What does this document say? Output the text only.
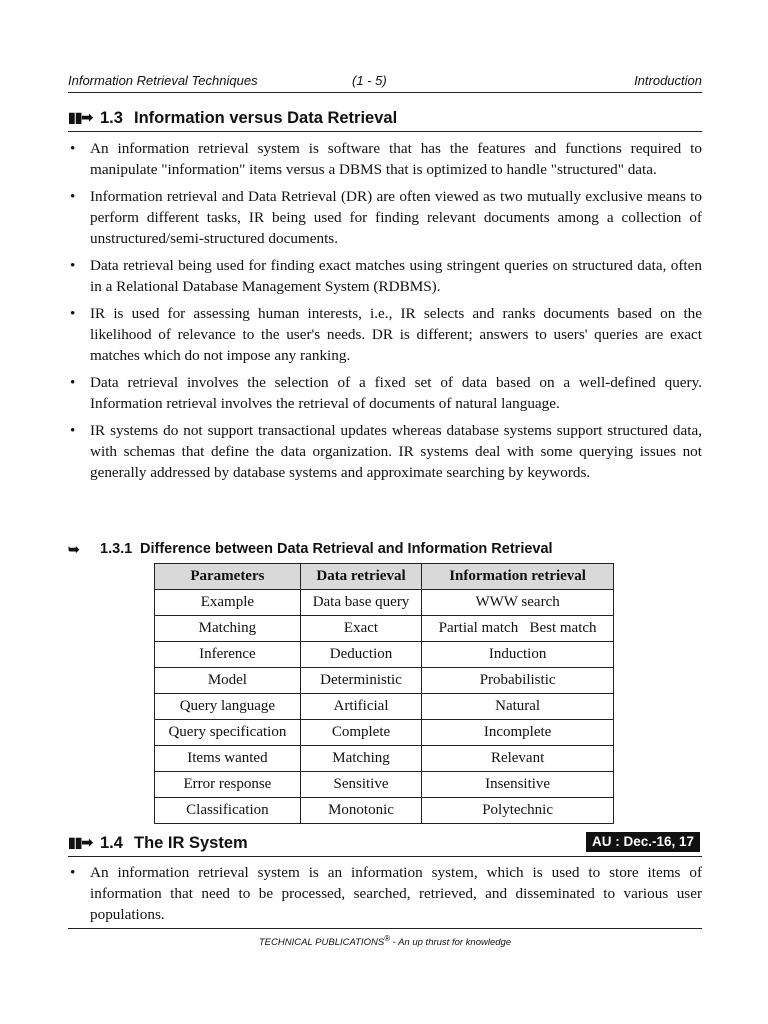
Information Retrieval Techniques	(1 - 5)	Introduction
▮▮➡ 1.3 Information versus Data Retrieval
• An information retrieval system is software that has the features and functions required to manipulate "information" items versus a DBMS that is optimized to handle "structured" data.
• Information retrieval and Data Retrieval (DR) are often viewed as two mutually exclusive means to perform different tasks, IR being used for finding relevant documents among a collection of unstructured/semi-structured documents.
• Data retrieval being used for finding exact matches using stringent queries on structured data, often in a Relational Database Management System (RDBMS).
• IR is used for assessing human interests, i.e., IR selects and ranks documents based on the likelihood of relevance to the user's needs. DR is different; answers to users' queries are exact matches which do not impose any ranking.
• Data retrieval involves the selection of a fixed set of data based on a well-defined query. Information retrieval involves the retrieval of documents of natural language.
• IR systems do not support transactional updates whereas database systems support structured data, with schemas that define the data organization. IR systems deal with some querying issues not generally addressed by database systems and approximate searching by keywords.
➥ 1.3.1 Difference between Data Retrieval and Information Retrieval
Parameters	Data retrieval	Information retrieval
Example	Data base query	WWW search
Matching	Exact	Partial match   Best match
Inference	Deduction	Induction
Model	Deterministic	Probabilistic
Query language	Artificial	Natural
Query specification	Complete	Incomplete
Items wanted	Matching	Relevant
Error response	Sensitive	Insensitive
Classification	Monotonic	Polytechnic
▮▮➡ 1.4 The IR System	AU : Dec.-16, 17
• An information retrieval system is an information system, which is used to store items of information that need to be processed, searched, retrieved, and disseminated to various user populations.
TECHNICAL PUBLICATIONS® - An up thrust for knowledge
